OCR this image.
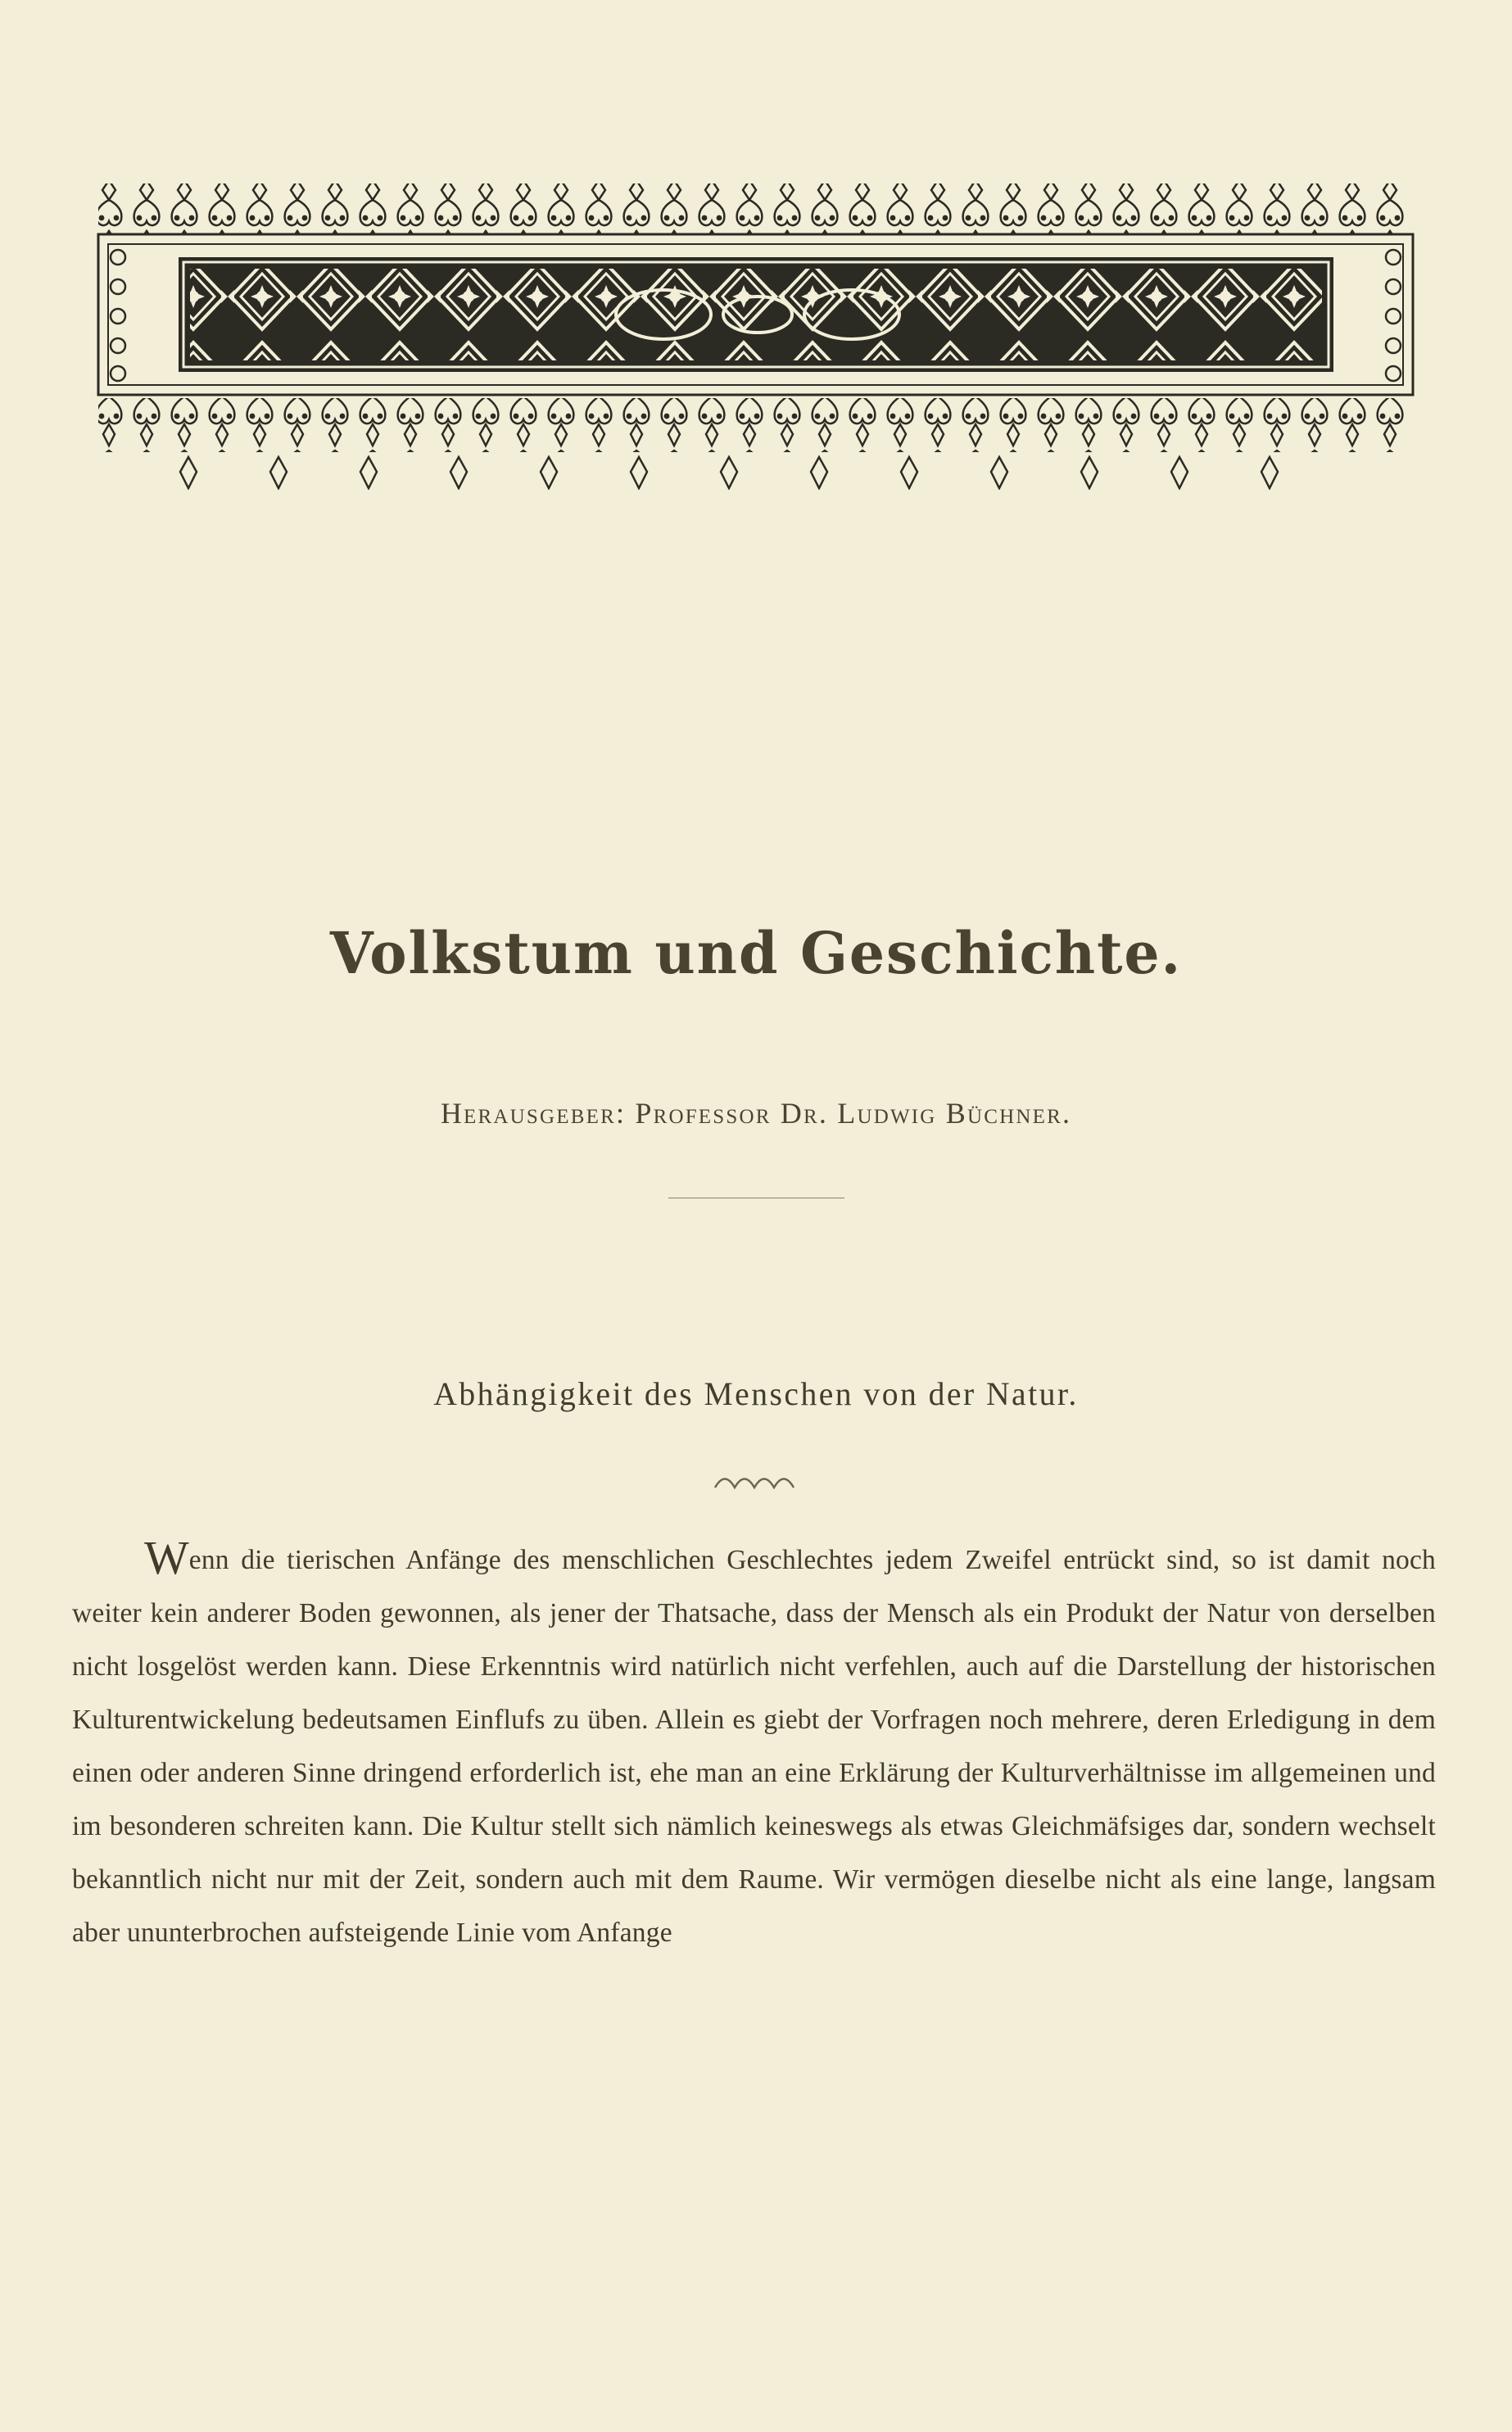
Volkstum und Geschichte.
Herausgeber: Professor Dr. Ludwig Büchner.
Abhängigkeit des Menschen von der Natur.

Wenn die tierischen Anfänge des menschlichen Geschlechtes jedem Zweifel entrückt sind, so ist damit noch weiter kein anderer Boden gewonnen, als jener der Thatsache, dass der Mensch als ein Produkt der Natur von derselben nicht losgelöst werden kann. Diese Erkenntnis wird natürlich nicht verfehlen, auch auf die Darstellung der historischen Kulturentwickelung bedeutsamen Einflufs zu üben. Allein es giebt der Vorfragen noch mehrere, deren Erledigung in dem einen oder anderen Sinne dringend erforderlich ist, ehe man an eine Erklärung der Kulturverhältnisse im allgemeinen und im besonderen schreiten kann. Die Kultur stellt sich nämlich keineswegs als etwas Gleichmäfsiges dar, sondern wechselt bekanntlich nicht nur mit der Zeit, sondern auch mit dem Raume. Wir vermögen dieselbe nicht als eine lange, langsam aber ununterbrochen aufsteigende Linie vom Anfange
